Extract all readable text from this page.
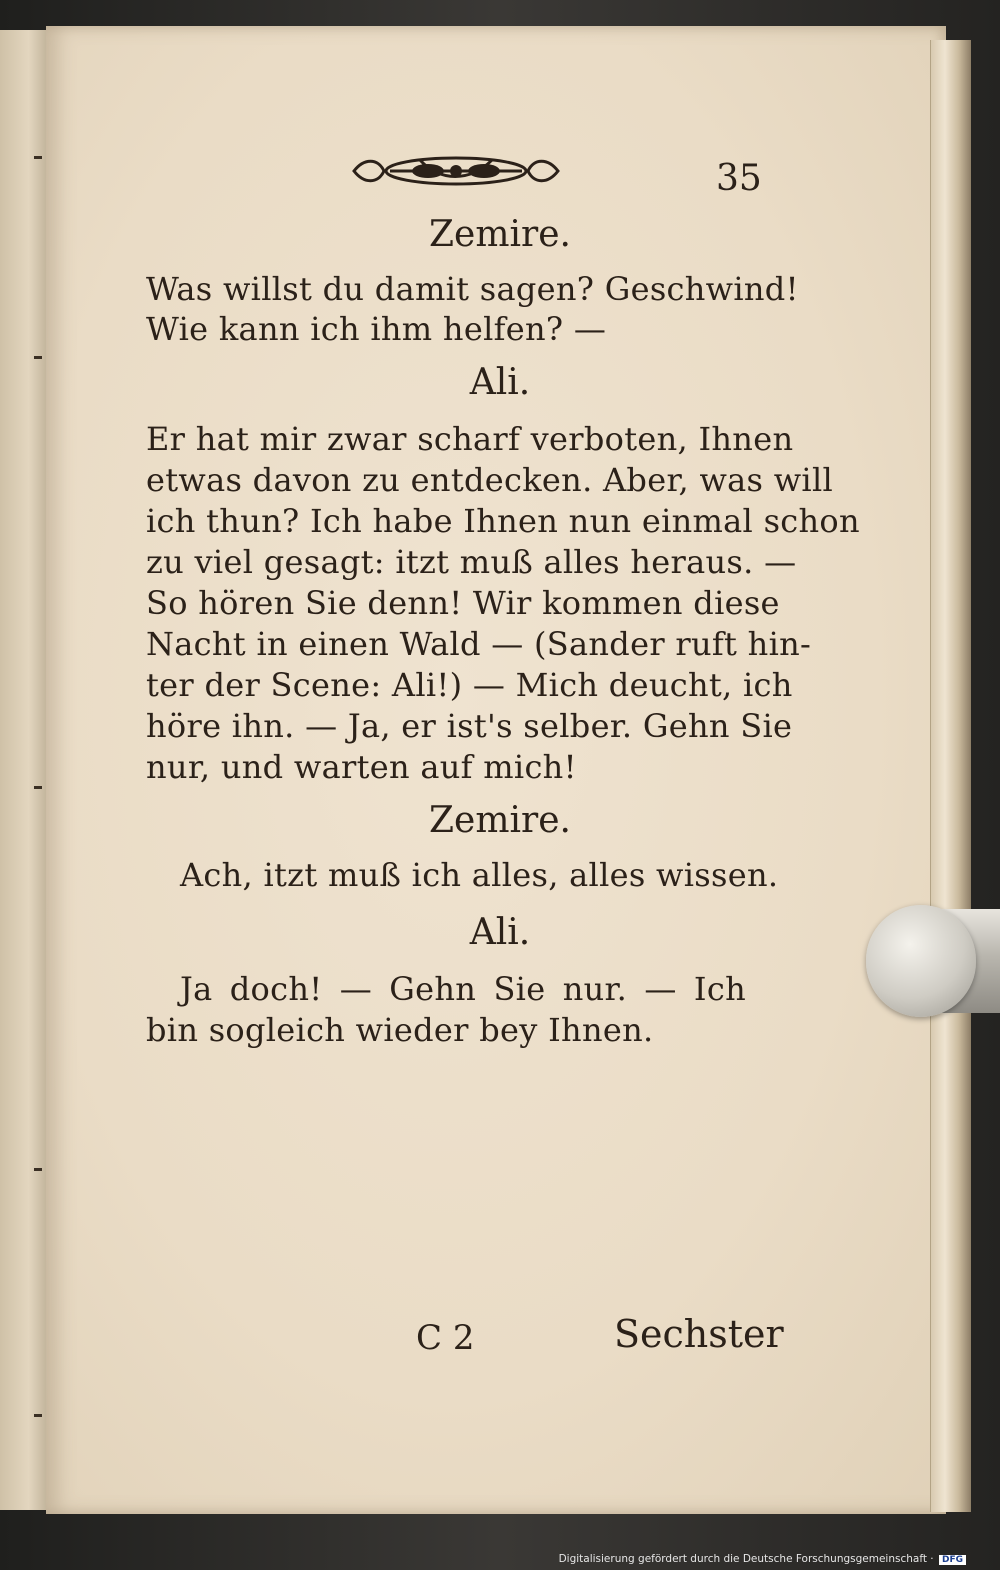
35
Zemire.
Was willst du damit sagen? Geschwind!
Wie kann ich ihm helfen? —
Ali.
Er hat mir zwar scharf verboten, Ihnen
etwas davon zu entdecken. Aber, was will
ich thun? Ich habe Ihnen nun einmal schon
zu viel gesagt: itzt muß alles heraus. —
So hören Sie denn! Wir kommen diese
Nacht in einen Wald — (Sander ruft hin-
ter der Scene: Ali!) — Mich deucht, ich
höre ihn. — Ja, er ist's selber. Gehn Sie
nur, und warten auf mich!
Zemire.
Ach, itzt muß ich alles, alles wissen.
Ali.
Ja doch! — Gehn Sie nur. — Ich
bin sogleich wieder bey Ihnen.
C 2	Sechster
Digitalisierung gefördert durch die Deutsche Forschungsgemeinschaft · DFG
